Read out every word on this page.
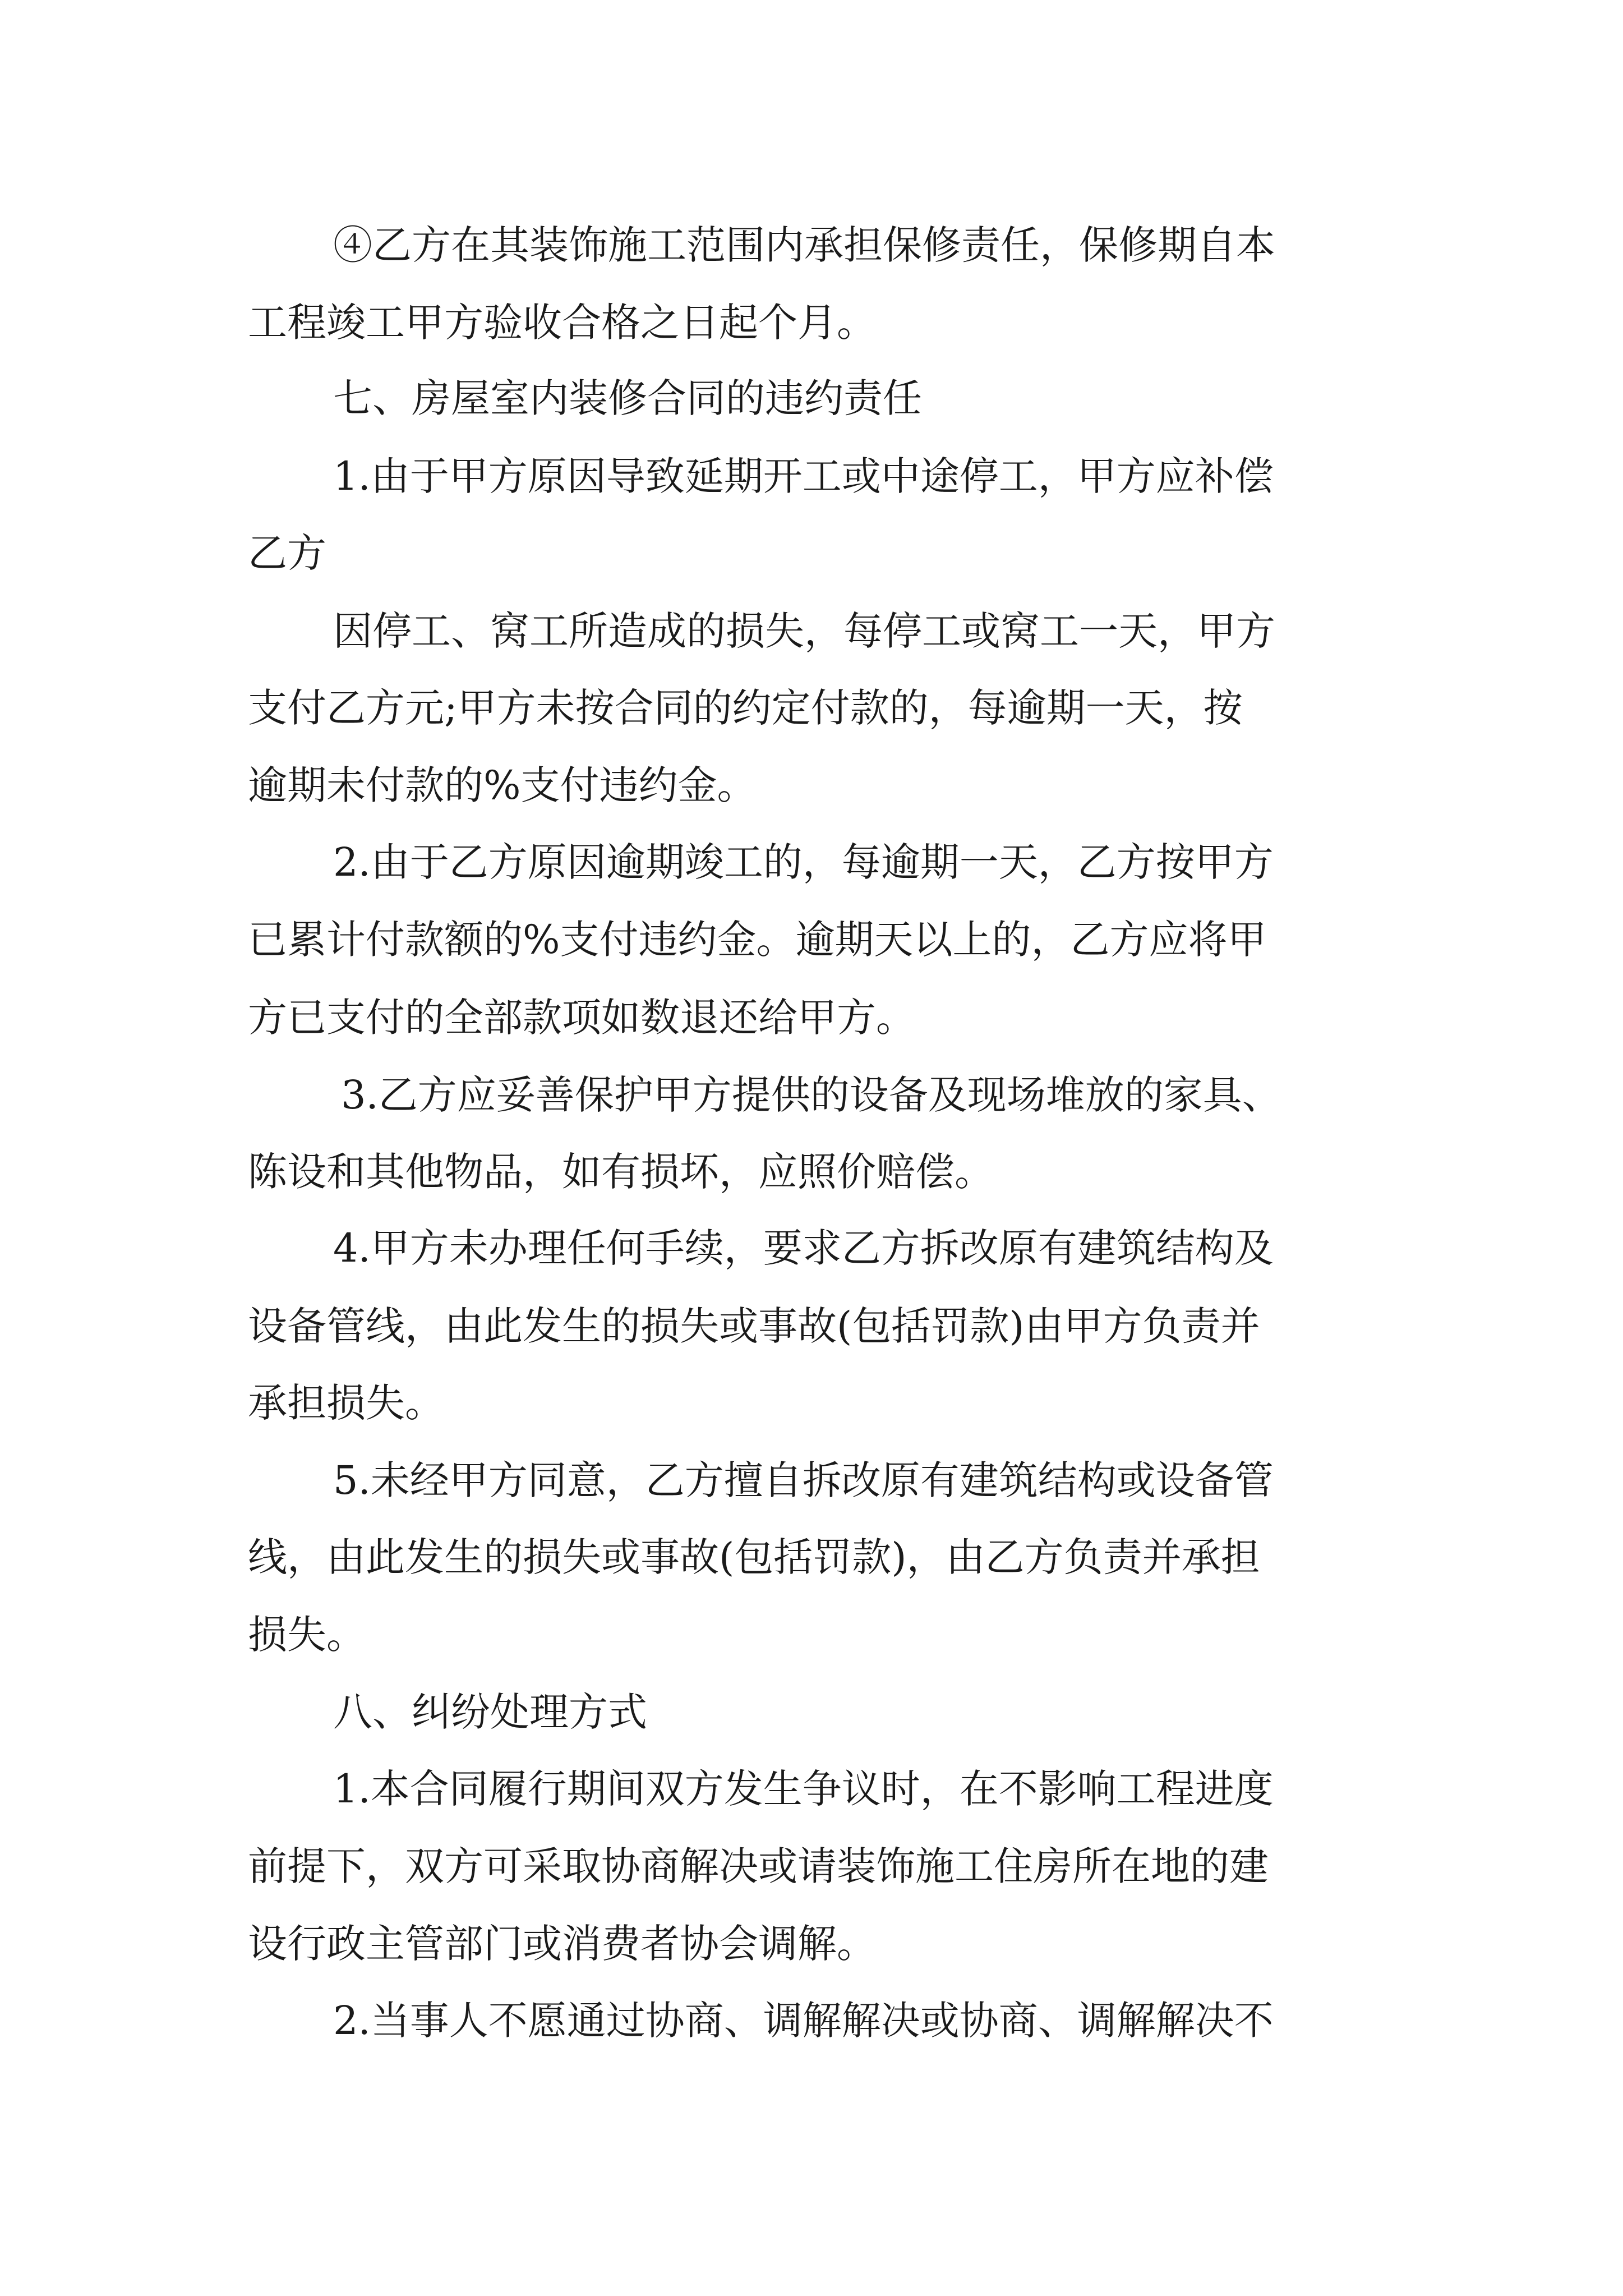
④乙方在其装饰施工范围内承担保修责任，保修期自本

工程竣工甲方验收合格之日起个月。

七、房屋室内装修合同的违约责任

1.由于甲方原因导致延期开工或中途停工，甲方应补偿

乙方

因停工、窝工所造成的损失，每停工或窝工一天，甲方

支付乙方元;甲方未按合同的约定付款的，每逾期一天，按

逾期未付款的%支付违约金。

2.由于乙方原因逾期竣工的，每逾期一天，乙方按甲方

已累计付款额的%支付违约金。逾期天以上的，乙方应将甲

方已支付的全部款项如数退还给甲方。

3.乙方应妥善保护甲方提供的设备及现场堆放的家具、

陈设和其他物品，如有损坏，应照价赔偿。

4.甲方未办理任何手续，要求乙方拆改原有建筑结构及

设备管线，由此发生的损失或事故(包括罚款)由甲方负责并

承担损失。

5.未经甲方同意，乙方擅自拆改原有建筑结构或设备管

线，由此发生的损失或事故(包括罚款)，由乙方负责并承担

损失。

八、纠纷处理方式

1.本合同履行期间双方发生争议时，在不影响工程进度

前提下，双方可采取协商解决或请装饰施工住房所在地的建

设行政主管部门或消费者协会调解。

2.当事人不愿通过协商、调解解决或协商、调解解决不
